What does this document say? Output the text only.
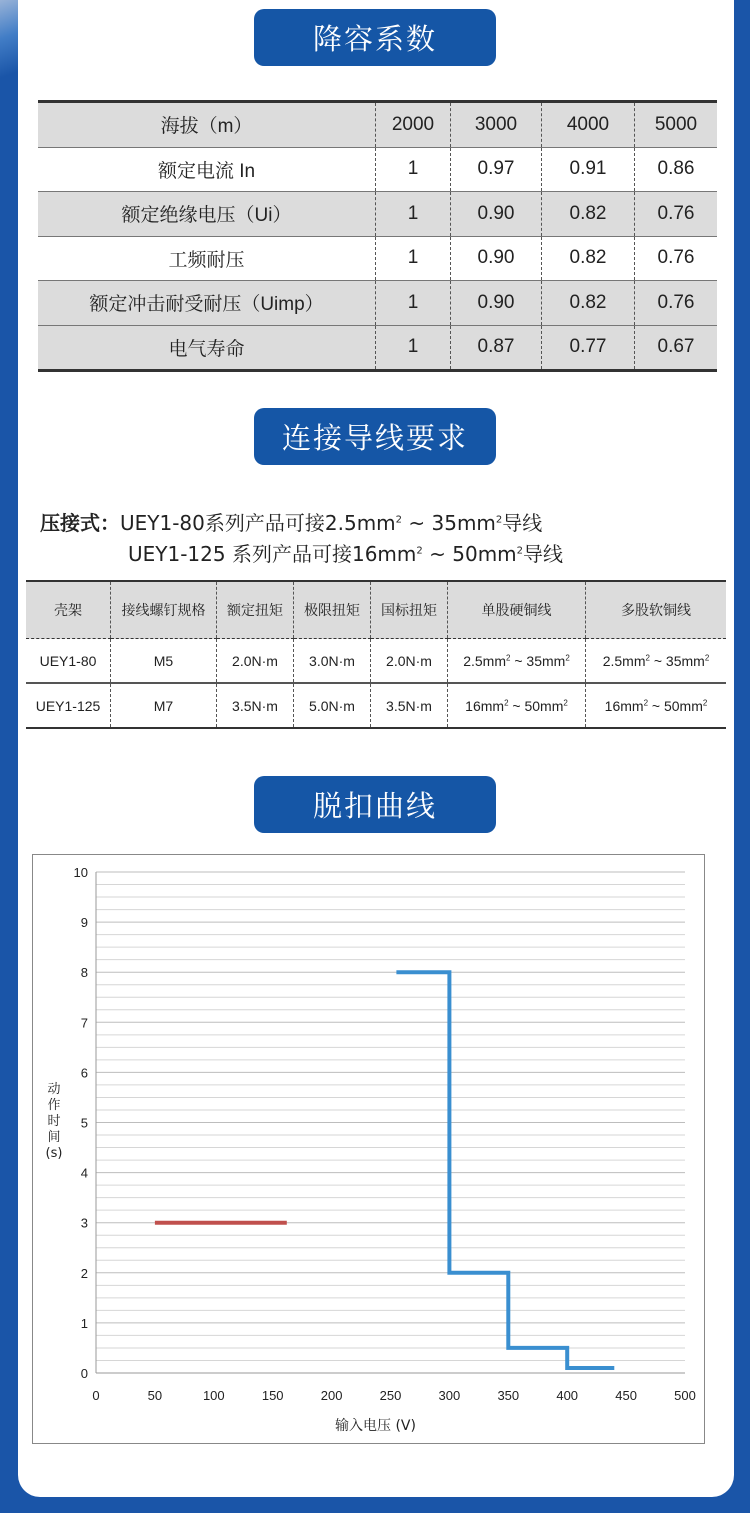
降容系数
海拔（m）	2000	3000	4000	5000
额定电流 In	1	0.97	0.91	0.86
额定绝缘电压（Ui）	1	0.90	0.82	0.76
工频耐压	1	0.90	0.82	0.76
额定冲击耐受耐压（Uimp）	1	0.90	0.82	0.76
电气寿命	1	0.87	0.77	0.67
连接导线要求
压接式：UEY1-80系列产品可接$2.5mm^2$ ~ $35mm^2$导线
UEY1-125 系列产品可接$16mm^2$ ~ $50mm^2$导线
壳架	接线螺钉规格	额定扭矩	极限扭矩	国标扭矩	单股硬铜线	多股软铜线
UEY1-80	M5	2.0N·m	3.0N·m	2.0N·m	$2.5mm^2$ ~ $35mm^2$	$2.5mm^2$ ~ $35mm^2$
UEY1-125	M7	3.5N·m	5.0N·m	3.5N·m	$16mm^2$ ~ $50mm^2$	$16mm^2$ ~ $50mm^2$
脱扣曲线
0
1
2
3
4
5
6
7
8
9
10
0	50	100	150	200	250	300	350	400	450	500
输入电压 (V)
动
作
时
间
(s)
